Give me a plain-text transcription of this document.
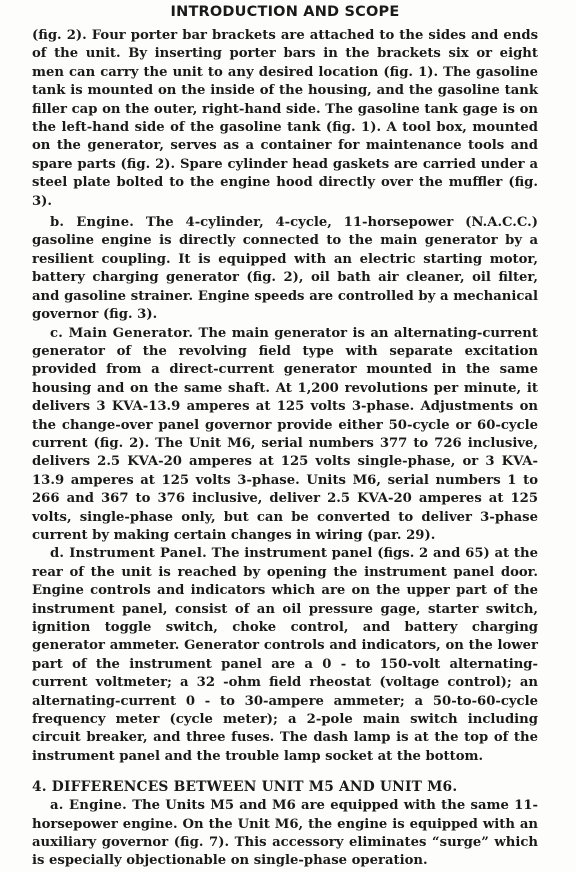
INTRODUCTION AND SCOPE

(fig. 2). Four porter bar brackets are attached to the sides and ends of the unit. By inserting porter bars in the brackets six or eight men can carry the unit to any desired location (fig. 1). The gasoline tank is mounted on the inside of the housing, and the gasoline tank filler cap on the outer, right-hand side. The gasoline tank gage is on the left-hand side of the gasoline tank (fig. 1). A tool box, mounted on the generator, serves as a container for maintenance tools and spare parts (fig. 2). Spare cylinder head gaskets are carried under a steel plate bolted to the engine hood directly over the muffler (fig. 3).

b. Engine. The 4-cylinder, 4-cycle, 11-horsepower (N.A.C.C.) gasoline engine is directly connected to the main generator by a resilient coupling. It is equipped with an electric starting motor, battery charging generator (fig. 2), oil bath air cleaner, oil filter, and gasoline strainer. Engine speeds are controlled by a mechanical governor (fig. 3).

c. Main Generator. The main generator is an alternating-current generator of the revolving field type with separate excitation provided from a direct-current generator mounted in the same housing and on the same shaft. At 1,200 revolutions per minute, it delivers 3 KVA-13.9 amperes at 125 volts 3-phase. Adjustments on the change-over panel governor provide either 50-cycle or 60-cycle current (fig. 2). The Unit M6, serial numbers 377 to 726 inclusive, delivers 2.5 KVA-20 amperes at 125 volts single-phase, or 3 KVA-13.9 amperes at 125 volts 3-phase. Units M6, serial numbers 1 to 266 and 367 to 376 inclusive, deliver 2.5 KVA-20 amperes at 125 volts, single-phase only, but can be converted to deliver 3-phase current by making certain changes in wiring (par. 29).

d. Instrument Panel. The instrument panel (figs. 2 and 65) at the rear of the unit is reached by opening the instrument panel door. Engine controls and indicators which are on the upper part of the instrument panel, consist of an oil pressure gage, starter switch, ignition toggle switch, choke control, and battery charging generator ammeter. Generator controls and indicators, on the lower part of the instrument panel are a 0 - to 150-volt alternating-current voltmeter; a 32 -ohm field rheostat (voltage control); an alternating-current 0 - to 30-ampere ammeter; a 50-to-60-cycle frequency meter (cycle meter); a 2-pole main switch including circuit breaker, and three fuses. The dash lamp is at the top of the instrument panel and the trouble lamp socket at the bottom.

4. DIFFERENCES BETWEEN UNIT M5 AND UNIT M6.

a. Engine. The Units M5 and M6 are equipped with the same 11-horsepower engine. On the Unit M6, the engine is equipped with an auxiliary governor (fig. 7). This accessory eliminates “surge” which is especially objectionable on single-phase operation.
